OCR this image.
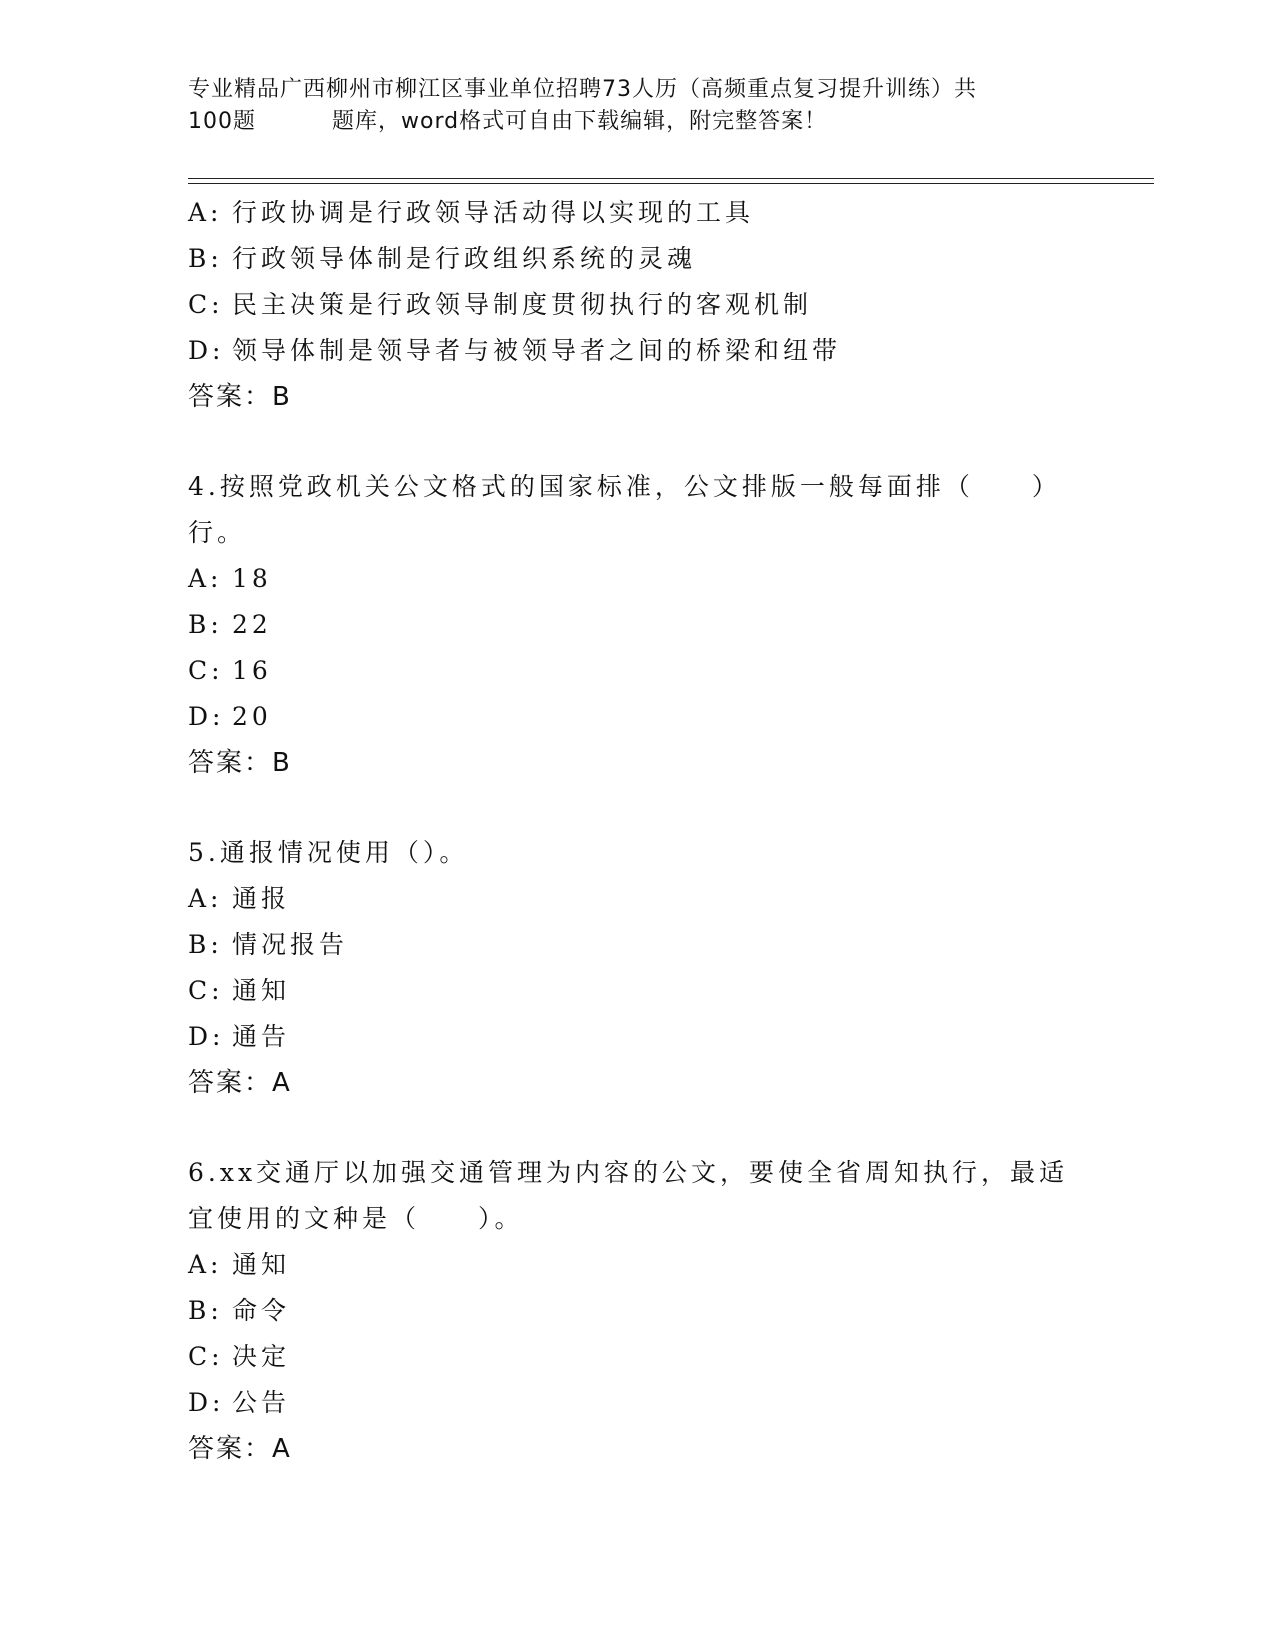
专业精品广西柳州市柳江区事业单位招聘73人历（高频重点复习提升训练）共
100题	题库，word格式可自由下载编辑，附完整答案！
A: 行政协调是行政领导活动得以实现的工具
B: 行政领导体制是行政组织系统的灵魂
C: 民主决策是行政领导制度贯彻执行的客观机制
D: 领导体制是领导者与被领导者之间的桥梁和纽带
答案：B
4.按照党政机关公文格式的国家标准，公文排版一般每面排（　　）
行。
A: 18
B: 22
C: 16
D: 20
答案：B
5.通报情况使用（）。
A: 通报
B: 情况报告
C: 通知
D: 通告
答案：A
6.xx交通厅以加强交通管理为内容的公文，要使全省周知执行，最适
宜使用的文种是（　　）。
A: 通知
B: 命令
C: 决定
D: 公告
答案：A
